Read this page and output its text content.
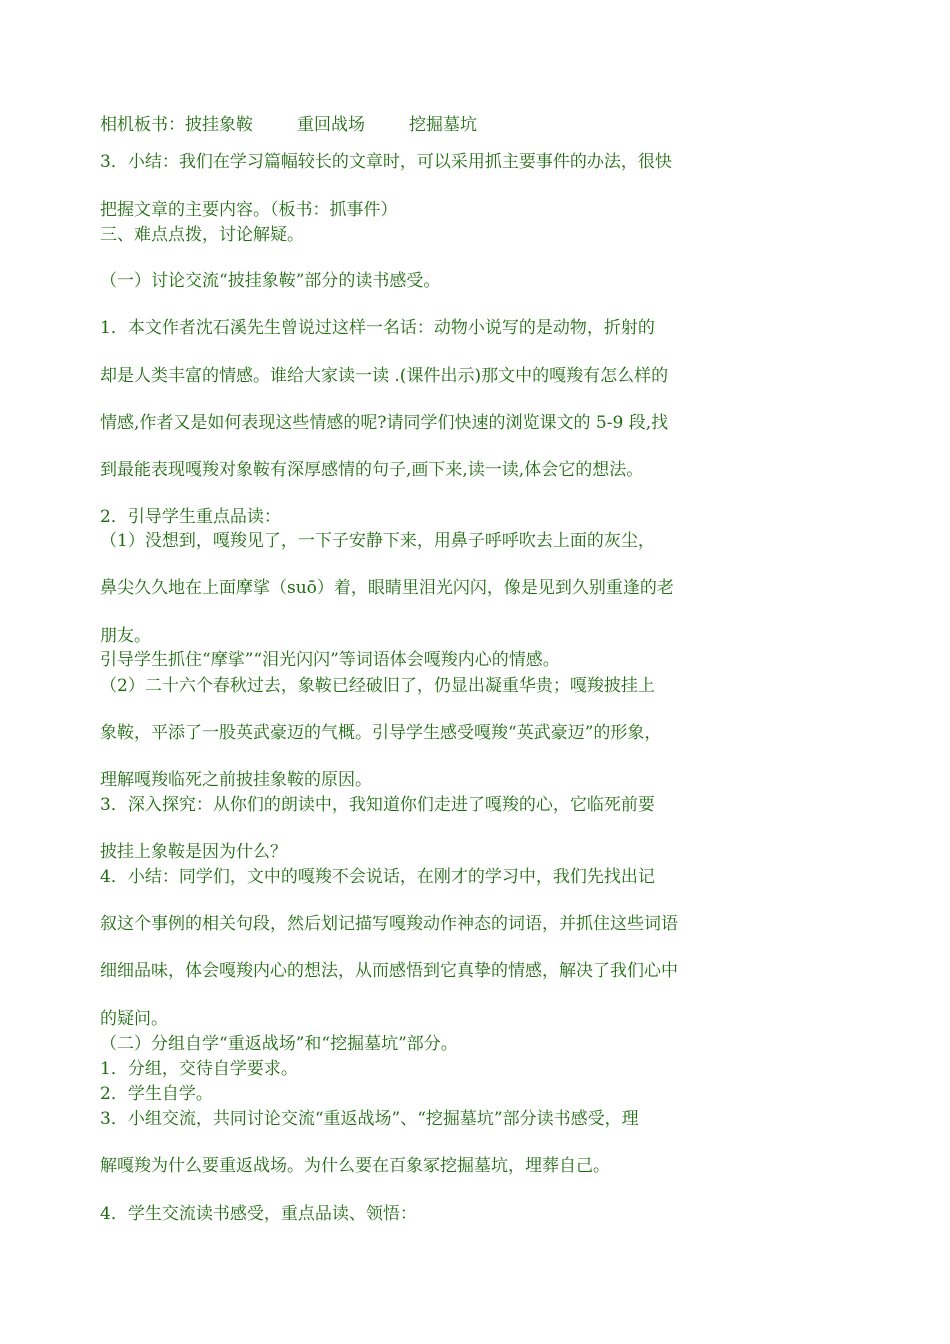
相机板书：披挂象鞍	重回战场	挖掘墓坑
3．小结：我们在学习篇幅较长的文章时，可以采用抓主要事件的办法，很快
把握文章的主要内容。（板书：抓事件）
三、难点点拨，讨论解疑。
（一）讨论交流“披挂象鞍”部分的读书感受。
1．本文作者沈石溪先生曾说过这样一名话：动物小说写的是动物，折射的
却是人类丰富的情感。谁给大家读一读 .(课件出示)那文中的嘎羧有怎么样的
情感,作者又是如何表现这些情感的呢?请同学们快速的浏览课文的 5-9 段,找
到最能表现嘎羧对象鞍有深厚感情的句子,画下来,读一读,体会它的想法。
2．引导学生重点品读：
（1）没想到，嘎羧见了，一下子安静下来，用鼻子呼呼吹去上面的灰尘，
鼻尖久久地在上面摩挲（suō）着，眼睛里泪光闪闪，像是见到久别重逢的老
朋友。
引导学生抓住“摩挲”“泪光闪闪”等词语体会嘎羧内心的情感。
（2）二十六个春秋过去，象鞍已经破旧了，仍显出凝重华贵；嘎羧披挂上
象鞍，平添了一股英武豪迈的气概。引导学生感受嘎羧“英武豪迈”的形象，
理解嘎羧临死之前披挂象鞍的原因。
3．深入探究：从你们的朗读中，我知道你们走进了嘎羧的心，它临死前要
披挂上象鞍是因为什么？
4．小结：同学们，文中的嘎羧不会说话，在刚才的学习中，我们先找出记
叙这个事例的相关句段，然后划记描写嘎羧动作神态的词语，并抓住这些词语
细细品味，体会嘎羧内心的想法，从而感悟到它真挚的情感，解决了我们心中
的疑问。
（二）分组自学“重返战场”和“挖掘墓坑”部分。
1．分组，交待自学要求。
2．学生自学。
3．小组交流，共同讨论交流“重返战场”、“挖掘墓坑”部分读书感受，理
解嘎羧为什么要重返战场。为什么要在百象冢挖掘墓坑，埋葬自己。
4．学生交流读书感受，重点品读、领悟：
